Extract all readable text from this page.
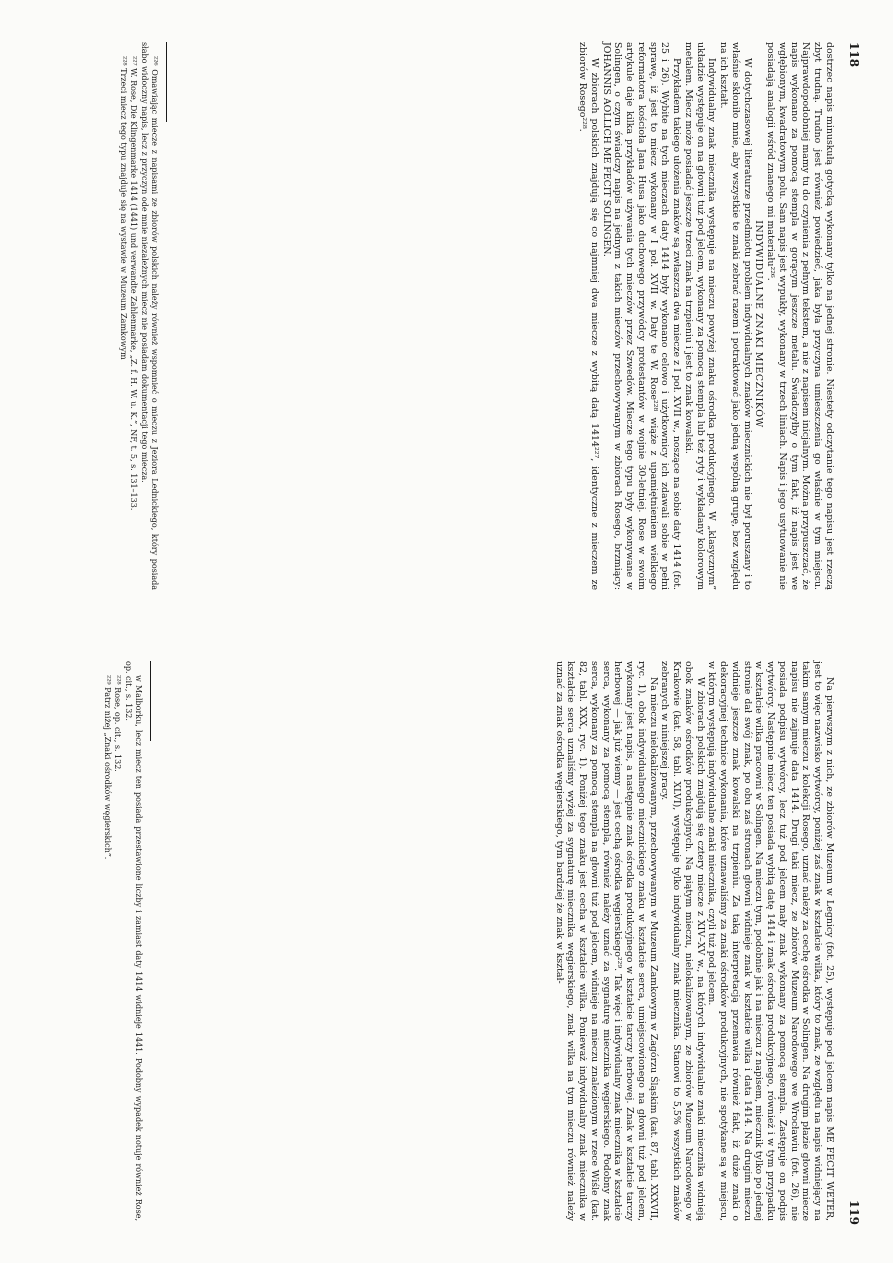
118

dostrzec napis minuskułą gotycką wykonany tylko na jednej stronie. Niestety odczytanie tego napisu jest rzeczą zbyt trudną. Trudno jest również powiedzieć, jaka była przyczyna umieszczenia go właśnie w tym miejscu. Najprawdopodobniej mamy tu do czynienia z pełnym tekstem, a nie z napisem inicjalnym. Można przypuszczać, że napis wykonano za pomocą stempla w gorącym jeszcze metalu. Świadczyłby o tym fakt, iż napis jest we wgłębionym, kwadratowym polu. Sam napis jest wypukły, wykonany w trzech liniach. Napis i jego usytuowanie nie posiadają analogii wśród znanego mi materiału²²⁶.

INDYWIDUALNE ZNAKI MIECZNIKÓW

W dotychczasowej literaturze przedmiotu problem indywidualnych znaków miecznickich nie był poruszany i to właśnie skłoniło mnie, aby wszystkie te znaki zebrać razem i potraktować jako jedną wspólną grupę, bez względu na ich kształt.

Indywidualny znak miecznika występuje na mieczu powyżej znaku ośrodka produkcyjnego. W „klasycznym” układzie występuje on na głowni tuż pod jelcem, wykonany za pomocą stempla lub też ryty i wykładany kolorowym metalem. Miecz może posiadać jeszcze trzeci znak na trzpieniu i jest to znak kowalski.

Przykładem takiego ułożenia znaków są zwłaszcza dwa miecze z I poł. XVII w., noszące na sobie daty 1414 (fot. 25 i 26). Wybite na tych mieczach daty 1414 były wykonano celowo i użytkownicy ich zdawali sobie w pełni sprawę, iż jest to miecz wykonany w I poł. XVII w. Daty te W. Rose²²⁸ wiąże z upamiętnieniem wielkiego reformatora kościoła Jana Husa jako duchowego przywódcy protestantów w wojnie 30-letniej. Rose w swoim artykule daje kilka przykładów używania tych mieczów przez Szwedów. Miecze tego typu były wykonywane w Solingen, o czym świadczy napis na jednym z takich mieczów przechowywanym w zbiorach Rosego, brzmiący: JOHANNIS AOLLICH ME FECIT SOLINGEN.

W zbiorach polskich znajdują się co najmniej dwa miecze z wybitą datą 1414²²⁷, identyczne z mieczem ze zbiorów Rosego²²⁸.

²²⁶ Omawiając miecze z napisami ze zbiorów polskich należy również wspomnieć o mieczu z Jeziora Lednickiego, który posiada słabo widoczny napis, lecz z przyczyn ode mnie niezależnych miecz nie posiadam dokumentacji tego miecza.

²²⁷ W. Rose, Die Klingenmarke 1414 (1441) und verwandte Zahlenmarke, „Z. f. H. W. u. K.”, NF, t. 5, s. 131–133.

²²⁸ Trzeci miecz tego typu znajduje się na wystawie w Muzeum Zamkowym

119

Na pierwszym z nich, ze zbiorów Muzeum w Legnicy (fot. 25), występuje pod jelcem napis ME FECIT WETER, jest to więc nazwisko wytwórcy, poniżej zaś znak w kształcie wilka, który to znak, ze względu na napis widniejący na takim samym mieczu z kolekcji Rosego, uznać należy za cechę ośrodka w Solingen. Na drugim płazie głowni miecze napisu nie zajmuje data 1414. Drugi taki miecz, ze zbiorów Muzeum Narodowego we Wrocławiu (fot. 26), nie posiada podpisu wytwórcy, lecz tuż pod jelcem mały znak wykonany za pomocą stempla. Zastępuje on podpis wytwórcy. Następnie miecz ten posiada wybitą datę 1414 i znak ośrodka produkcyjnego, również i w tym przypadku w kształcie wilka pracowni w Solingen. Na mieczu tym, podobnie jak i na mieczu z napisem, miecznik tylko po jednej stronie dał swój znak, po obu zaś stronach głowni widnieje znak w kształcie wilka i data 1414. Na drugim mieczu widnieje jeszcze znak kowalski na trzpieniu. Za taką interpretacją przemawia również fakt, iż duże znaki o dekoracyjnej technice wykonania, które uznawaliśmy za znaki ośrodków produkcyjnych, nie spotykane są w miejscu, w którym występują indywidualne znaki miecznika, czyli tuż pod jelcem.

W zbiorach polskich znajdują się cztery miecze z XIV–XV w., na których indywidualne znaki miecznika widnieją obok znaków ośrodków produkcyjnych. Na piątym mieczu, nielokalizowanym, ze zbiorów Muzeum Narodowego w Krakowie (kat. 58, tabl. XLVI), występuje tylko indywidualny znak miecznika. Stanowi to 5,5% wszystkich znaków zebranych w niniejszej pracy.

Na mieczu nielokalizowanym, przechowywanym w Muzeum Zamkowym w Zagórzu Śląskim (kat. 87, tabl. XXXVII, ryc. 1), obok indywidualnego miecznickiego znaku w kształcie serca, umiejscowionego na głowni tuż pod jelcem, wykonany jest napis, a następnie znak ośrodka produkcyjnego w kształcie tarczy herbowej. Znak w kształcie tarczy herbowej — jak już wiemy — jest cechą ośrodka węgierskiego²²⁹. Tak więc i indywidualny znak miecznika w kształcie serca, wykonany za pomocą stempla, również należy uznać za sygnaturę miecznika węgierskiego. Podobny znak serca, wykonany za pomocą stempla na głowni tuż pod jelcem, widnieje na mieczu znalezionym w rzece Wiśle (kat. 82, tabl. XXX, ryc. 1). Poniżej tego znaku jest cecha w kształcie wilka. Ponieważ indywidualny znak miecznika w kształcie serca uznaliśmy wyżej za sygnaturę miecznika węgierskiego, znak wilka na tym mieczu również należy uznać za znak ośrodka węgierskiego, tym bardziej że znak w kształ-

w Malborku, lecz miecz ten posiada przestawione liczby i zamiast daty 1414 widnieje 1441. Podobny wypadek notuje również Rose, op. cit., s. 132.

²²⁸ Rose, op. cit., s. 132.

²²⁹ Patrz niżej „Znaki ośrodków węgierskich”.
